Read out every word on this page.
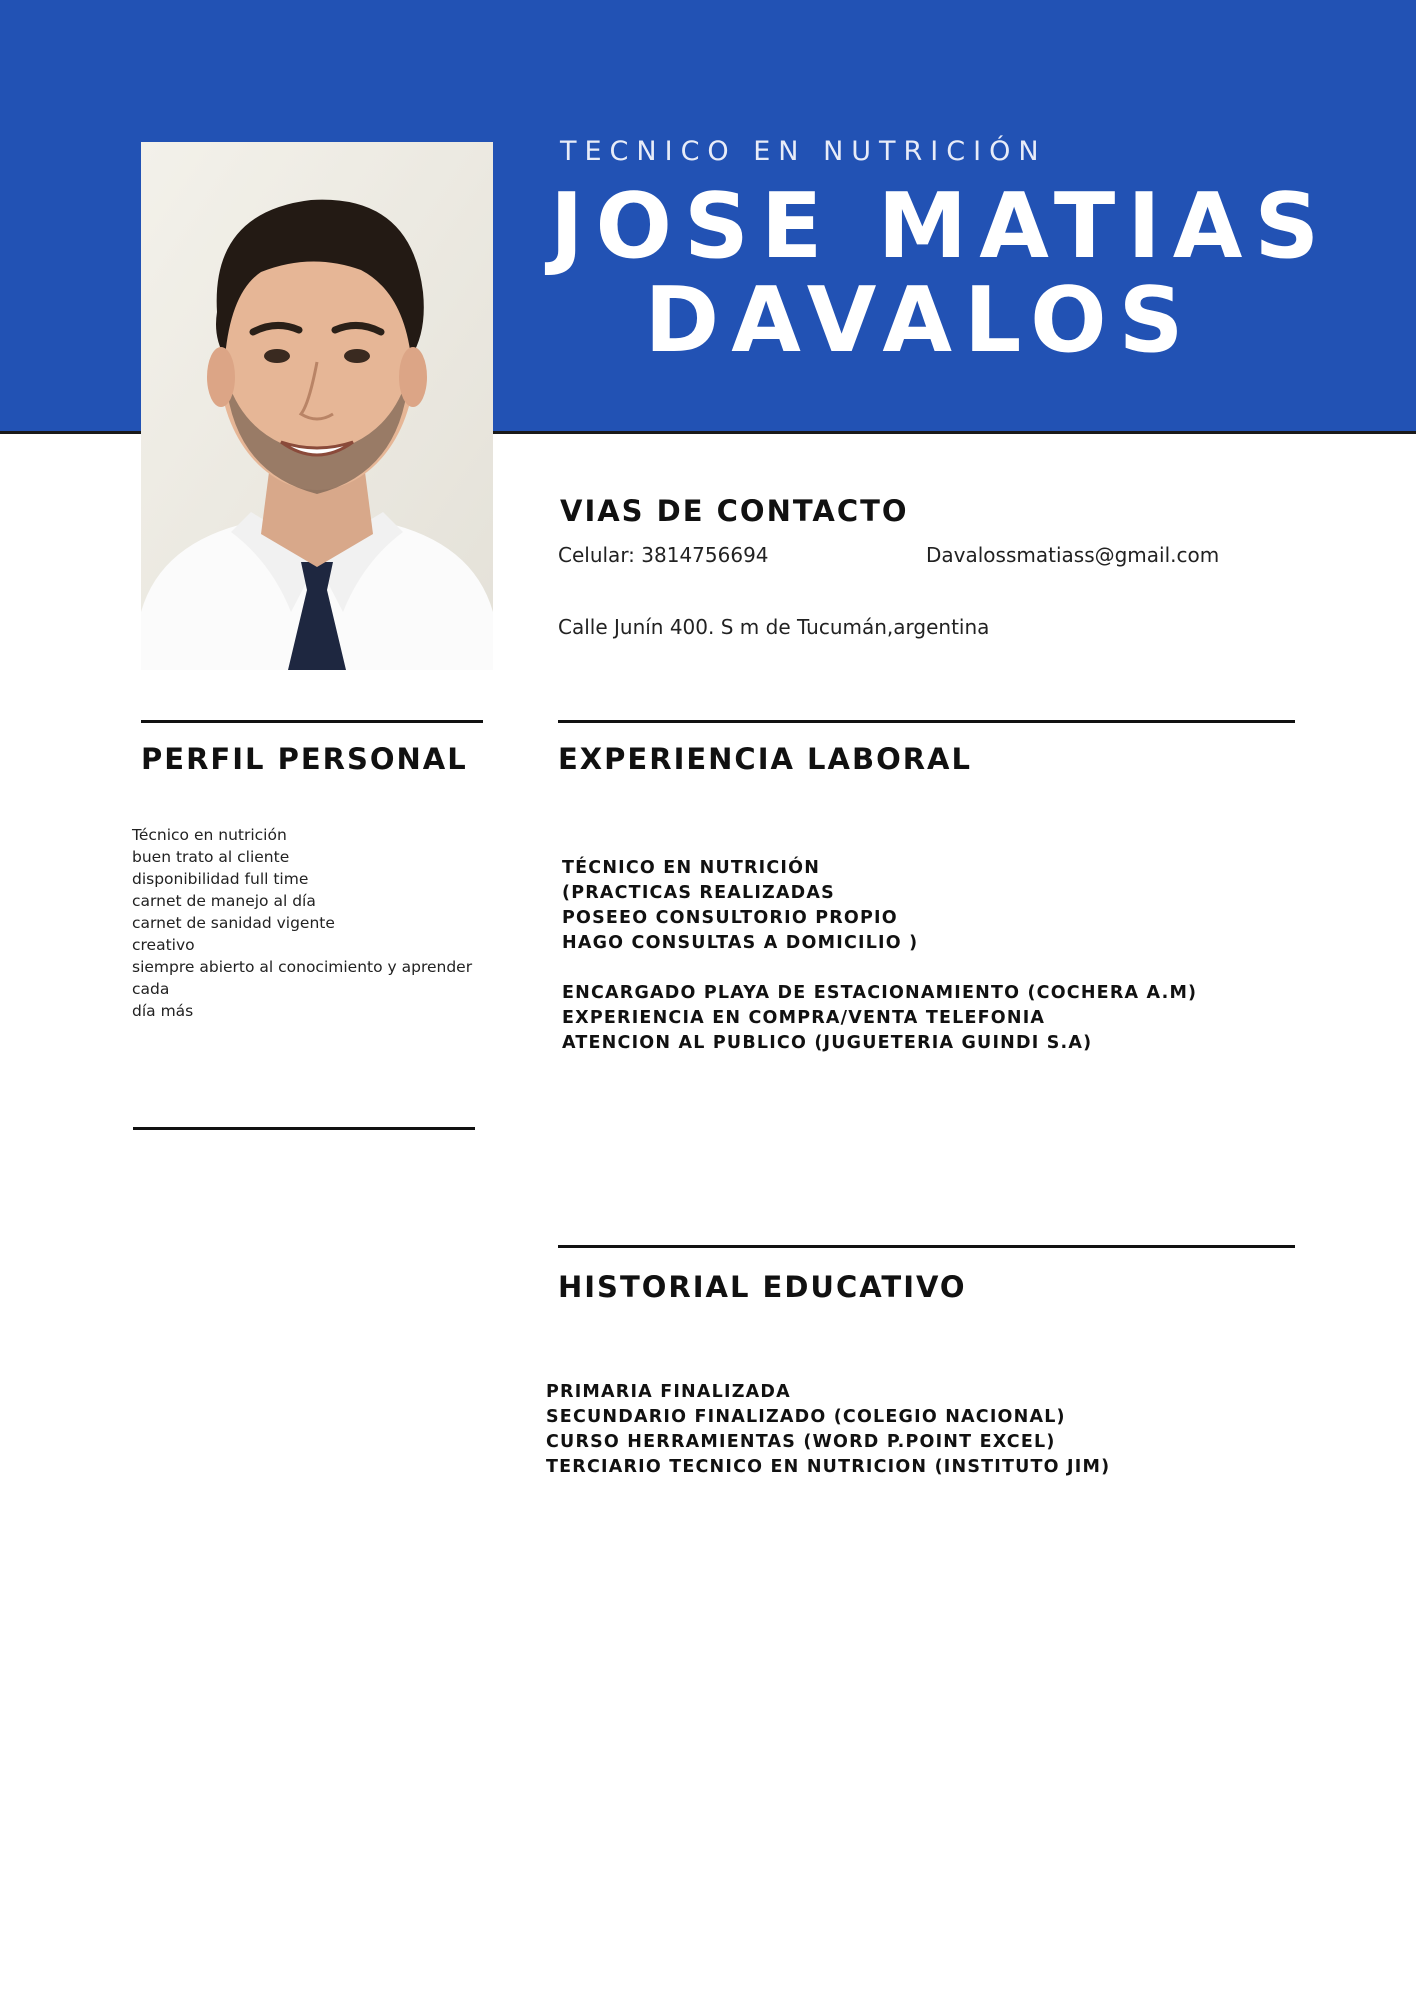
TECNICO EN NUTRICIÓN
JOSE MATIAS
DAVALOS
VIAS DE CONTACTO
Celular: 3814756694	Davalossmatiass@gmail.com
Calle Junín 400. S m de Tucumán,argentina
PERFIL PERSONAL
Técnico en nutrición
buen trato al cliente
disponibilidad full time
carnet de manejo al día
carnet de sanidad vigente
creativo
siempre abierto al conocimiento y aprender cada
día más
EXPERIENCIA LABORAL
TÉCNICO EN NUTRICIÓN
(PRACTICAS REALIZADAS
POSEEO CONSULTORIO PROPIO
HAGO CONSULTAS A DOMICILIO )
ENCARGADO PLAYA DE ESTACIONAMIENTO (COCHERA A.M)
EXPERIENCIA EN COMPRA/VENTA TELEFONIA
ATENCION AL PUBLICO (JUGUETERIA GUINDI S.A)
HISTORIAL EDUCATIVO
PRIMARIA FINALIZADA
SECUNDARIO FINALIZADO (COLEGIO NACIONAL)
CURSO HERRAMIENTAS (WORD P.POINT EXCEL)
TERCIARIO TECNICO EN NUTRICION (INSTITUTO JIM)
